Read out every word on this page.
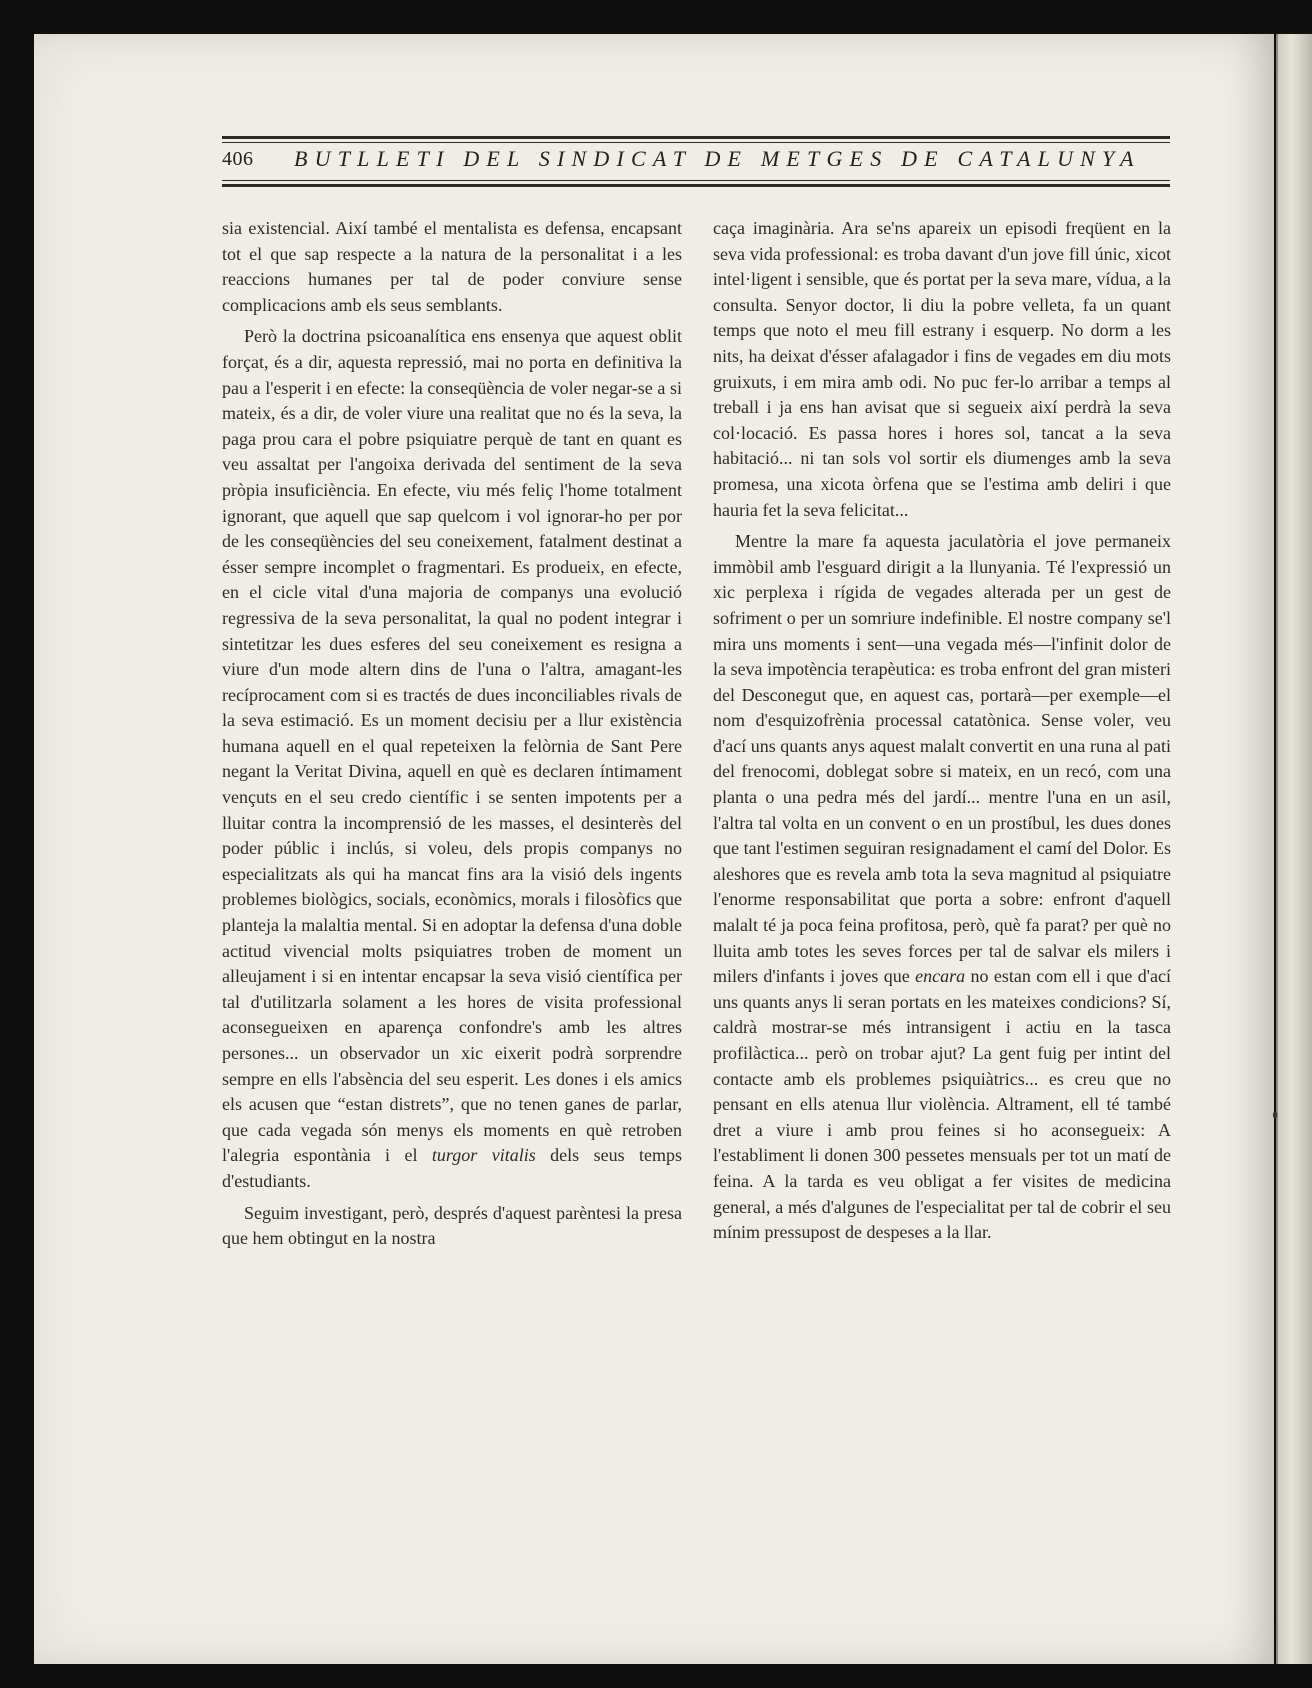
406 BUTLLETI DEL SINDICAT DE METGES DE CATALUNYA

sia existencial. Així també el mentalista es defensa, encapsant tot el que sap respecte a la natura de la personalitat i a les reaccions humanes per tal de poder conviure sense complicacions amb els seus semblants.

Però la doctrina psicoanalítica ens ensenya que aquest oblit forçat, és a dir, aquesta repressió, mai no porta en definitiva la pau a l'esperit i en efecte: la conseqüència de voler negar-se a si mateix, és a dir, de voler viure una realitat que no és la seva, la paga prou cara el pobre psiquiatre perquè de tant en quant es veu assaltat per l'angoixa derivada del sentiment de la seva pròpia insuficiència. En efecte, viu més feliç l'home totalment ignorant, que aquell que sap quelcom i vol ignorar-ho per por de les conseqüències del seu coneixement, fatalment destinat a ésser sempre incomplet o fragmentari. Es produeix, en efecte, en el cicle vital d'una majoria de companys una evolució regressiva de la seva personalitat, la qual no podent integrar i sintetitzar les dues esferes del seu coneixement es resigna a viure d'un mode altern dins de l'una o l'altra, amagant-les recíprocament com si es tractés de dues inconciliables rivals de la seva estimació. Es un moment decisiu per a llur existència humana aquell en el qual repeteixen la felòrnia de Sant Pere negant la Veritat Divina, aquell en què es declaren íntimament vençuts en el seu credo científic i se senten impotents per a lluitar contra la incomprensió de les masses, el desinterès del poder públic i inclús, si voleu, dels propis companys no especialitzats als qui ha mancat fins ara la visió dels ingents problemes biològics, socials, econòmics, morals i filosòfics que planteja la malaltia mental. Si en adoptar la defensa d'una doble actitud vivencial molts psiquiatres troben de moment un alleujament i si en intentar encapsar la seva visió científica per tal d'utilitzarla solament a les hores de visita professional aconsegueixen en aparença confondre's amb les altres persones... un observador un xic eixerit podrà sorprendre sempre en ells l'absència del seu esperit. Les dones i els amics els acusen que “estan distrets”, que no tenen ganes de parlar, que cada vegada són menys els moments en què retroben l'alegria espontània i el turgor vitalis dels seus temps d'estudiants.

Seguim investigant, però, després d'aquest parèntesi la presa que hem obtingut en la nostra

caça imaginària. Ara se'ns apareix un episodi freqüent en la seva vida professional: es troba davant d'un jove fill únic, xicot intel·ligent i sensible, que és portat per la seva mare, vídua, a la consulta. Senyor doctor, li diu la pobre velleta, fa un quant temps que noto el meu fill estrany i esquerp. No dorm a les nits, ha deixat d'ésser afalagador i fins de vegades em diu mots gruixuts, i em mira amb odi. No puc fer-lo arribar a temps al treball i ja ens han avisat que si segueix així perdrà la seva col·locació. Es passa hores i hores sol, tancat a la seva habitació... ni tan sols vol sortir els diumenges amb la seva promesa, una xicota òrfena que se l'estima amb deliri i que hauria fet la seva felicitat...

Mentre la mare fa aquesta jaculatòria el jove permaneix immòbil amb l'esguard dirigit a la llunyania. Té l'expressió un xic perplexa i rígida de vegades alterada per un gest de sofriment o per un somriure indefinible. El nostre company se'l mira uns moments i sent—una vegada més—l'infinit dolor de la seva impotència terapèutica: es troba enfront del gran misteri del Desconegut que, en aquest cas, portarà—per exemple—el nom d'esquizofrènia processal catatònica. Sense voler, veu d'ací uns quants anys aquest malalt convertit en una runa al pati del frenocomi, doblegat sobre si mateix, en un recó, com una planta o una pedra més del jardí... mentre l'una en un asil, l'altra tal volta en un convent o en un prostíbul, les dues dones que tant l'estimen seguiran resignadament el camí del Dolor. Es aleshores que es revela amb tota la seva magnitud al psiquiatre l'enorme responsabilitat que porta a sobre: enfront d'aquell malalt té ja poca feina profitosa, però, què fa parat? per què no lluita amb totes les seves forces per tal de salvar els milers i milers d'infants i joves que encara no estan com ell i que d'ací uns quants anys li seran portats en les mateixes condicions? Sí, caldrà mostrar-se més intransigent i actiu en la tasca profilàctica... però on trobar ajut? La gent fuig per intint del contacte amb els problemes psiquiàtrics... es creu que no pensant en ells atenua llur violència. Altrament, ell té també dret a viure i amb prou feines si ho aconsegueix: A l'establiment li donen 300 pessetes mensuals per tot un matí de feina. A la tarda es veu obligat a fer visites de medicina general, a més d'algunes de l'especialitat per tal de cobrir el seu mínim pressupost de despeses a la llar.
